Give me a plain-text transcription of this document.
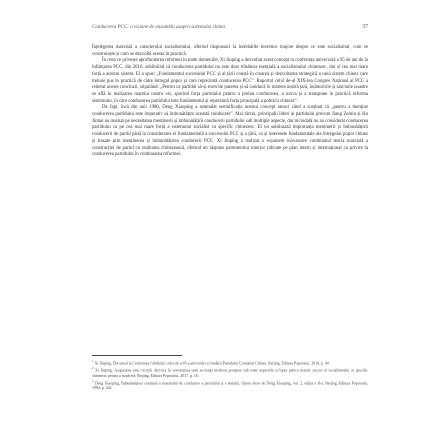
Conducerea PCC: o viziune de ansamblu asupra sistemului chinez	37

Înțelegerea marxistă a caracterului socialismului, oferind răspunsuri la întrebările teoretice majore despre ce este socialismul, cum se construiește și cum se dezvoltă acesta în practică.

În ceea ce privește aprofundarea reformei în toate domeniile, Xi Jinping a dezvoltat acest concept la conferința aniversară a 95 de ani de la înființarea PCC, din 2016, subliniind că conducerea partidului nu este doar trăsătura esențială a socialismului chinezesc, dar și cea mai mare forță a acestui sistem. El a spus: „Fundamentul succesului PCC și al țării constă în crearea și dezvoltarea strategică a unui sistem chinez care trebuie pus în practică de către întregul popor și care reprezintă conducerea PCC”. Raportul celui de-al XIX-lea Congres Național al PCC a reiterat aceste concluzii, stipulând: „Pentru ca partidul să-și exercite puterea și să conducă în mareea nostră țară, îndatoririle și sarcinile noastre se află în realizarea marelui nostru vis, sporind forța partidului pentru a prelua conducerea, a inova și a transpune în practică reforma sistemului, în care conducerea partidului este fundamentul și reprezintă forța principală a politicii chineze”.

De fapt, încă din anii 1980, Deng Xiaoping a semnalat semnificația acestui concept atunci când a susținut că „pentru a menține conducerea partidului este imperativ să îmbunătățim această conducere”. Mai târziu, principalii lideri ai partidului precum Jiang Zemin și Hu Jintao au insistat pe necesitatea menținerii și îmbunătățirii conducerii partidului sub multiple aspecte, dar niciodată nu au considerat conducerea partidului ca pe cea mai mare forță a sistemului socialist cu specific chinezesc. El nu subliniază importanța menținerii și îmbunătățirii conducerii de partid până la considerarea ei fundamentală a succesului PCC și a țării, ca și interesele fundamentale ale întregului popor chinez și trasate prin menținerea și îmbunătățirea conducerii PCC. Xi Jinping a realizat o expunere inovatoare combinând teoria marxistă a construcției de partid cu realitatea chinezească, oferind un răspuns partenerului interior ridicate pe plan intern și internațional cu privire la conducerea partidului în continuarea reformei.

$^1$ Xi Jinping, Discursul la Conferința Celebrării celei de-a 95-a aniversări a fondării Partidului Comunist Chinez, Beijing, Editura Poporului, 2016, p. 44.
$^2$ Xi Jinping, Asigurarea unei victorii decisive în construirea unei societăți moderat prospere sub toate aspectele și lupta pentru marele succes al socialismului cu specific chinezesc pentru o nouă eră, Beijing, Editura Poporului, 2017, p. 16.
$^3$ Deng Xiaoping, Îmbunătățirea continuă a sistemului de conducere a partidului și a statului, Opere alese de Deng Xiaoping, vol. 2, ediția a II-a, Beijing, Editura Poporului, 1994, p. 342.
